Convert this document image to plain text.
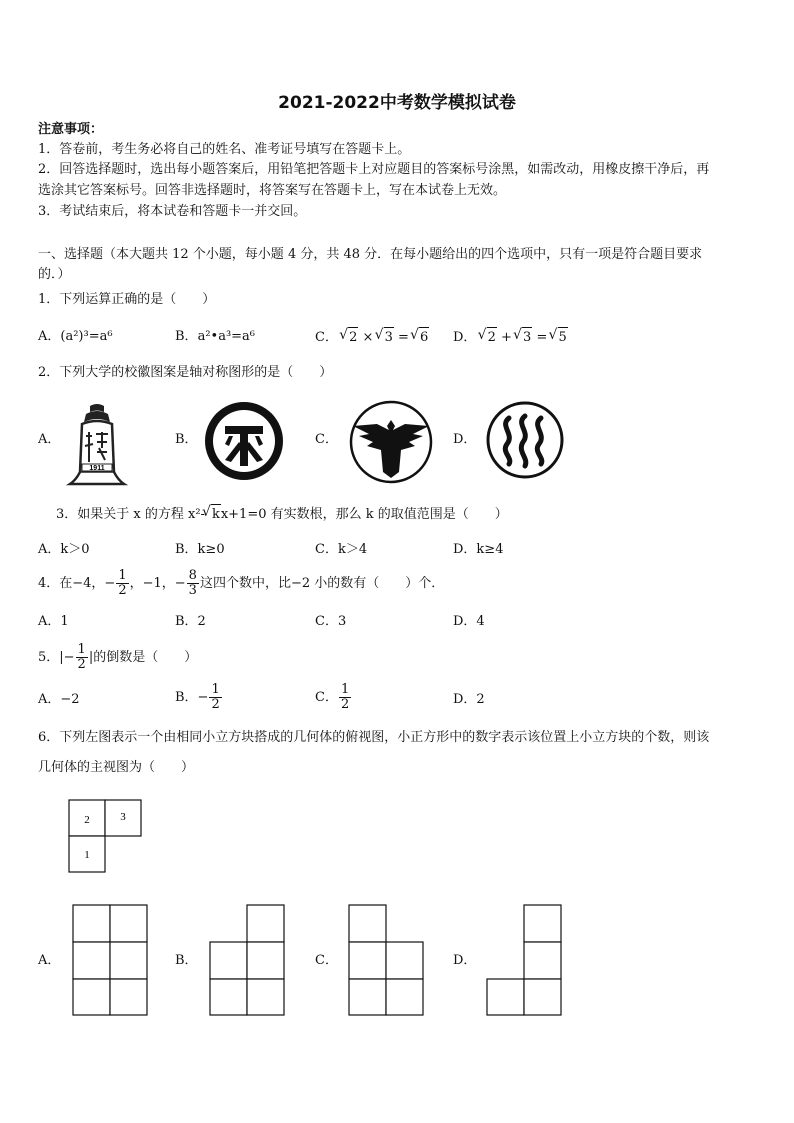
2021-2022中考数学模拟试卷
注意事项：
1．答卷前，考生务必将自己的姓名、准考证号填写在答题卡上。
2．回答选择题时，选出每小题答案后，用铅笔把答题卡上对应题目的答案标号涂黑，如需改动，用橡皮擦干净后，再
选涂其它答案标号。回答非选择题时，将答案写在答题卡上，写在本试卷上无效。
3．考试结束后，将本试卷和答题卡一并交回。
一、选择题（本大题共 12 个小题，每小题 4 分，共 48 分．在每小题给出的四个选项中，只有一项是符合题目要求
的．）
1．下列运算正确的是（　　）
A．(a²)³=a⁶	B．a²•a³=a⁶	C． √ 2 × √ 3 = √ 6 D． √ 2 + √ 3 = √ 5
2．下列大学的校徽图案是轴对称图形的是（　　）
A．	B．	C．	D．
1911
3．如果关于 x 的方程 x²- √ kx+1=0 有实数根，那么 k 的取值范围是（　　）
A．k＞0	B．k≥0	C．k＞4	D．k≥4
4．在−4，− $\frac{1}{2}$ ，−1，− $\frac{8}{3}$ 这四个数中，比−2 小的数有（　　）个．
A．1	B．2	C．3	D．4
5．|− $\frac{1}{2}$ |的倒数是（　　）
A．−2	B．− $\frac{1}{2}$	C． $\frac{1}{2}$	D．2
6．下列左图表示一个由相同小立方块搭成的几何体的俯视图，小正方形中的数字表示该位置上小立方块的个数，则该
几何体的主视图为（　　）
2	3
1
A．	B．	C．	D．
